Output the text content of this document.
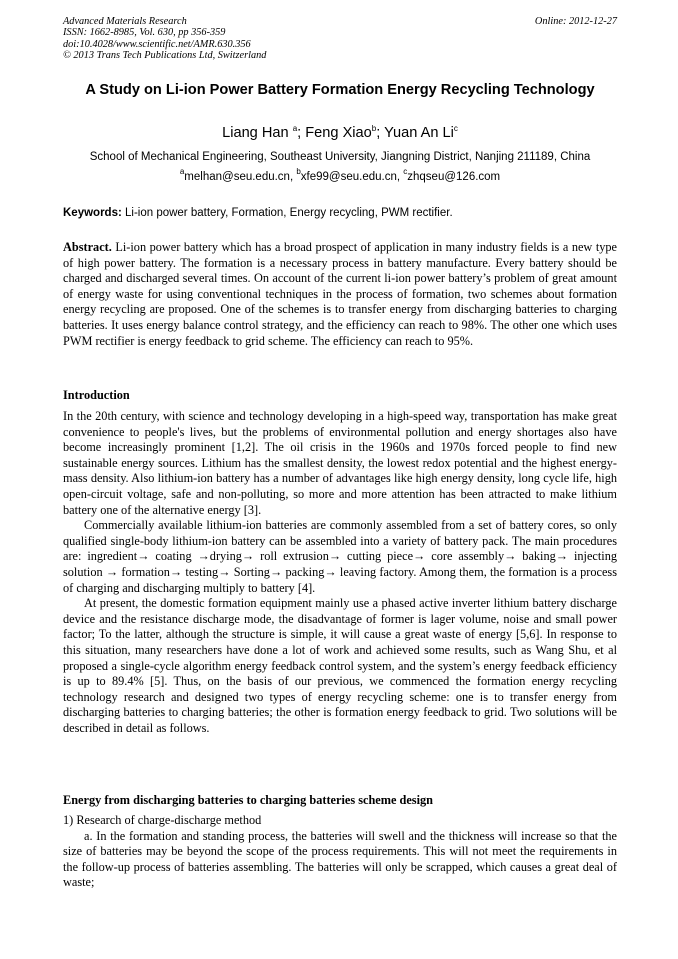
Advanced Materials Research
ISSN: 1662-8985, Vol. 630, pp 356-359
doi:10.4028/www.scientific.net/AMR.630.356
© 2013 Trans Tech Publications Ltd, Switzerland
Online: 2012-12-27
A Study on Li-ion Power Battery Formation Energy Recycling Technology
Liang Han $^a$; Feng Xiao$^b$; Yuan An Li$^c$
School of Mechanical Engineering, Southeast University, Jiangning District, Nanjing 211189, China
$^a$melhan@seu.edu.cn, $^b$xfe99@seu.edu.cn, $^c$zhqseu@126.com
Keywords: Li-ion power battery, Formation, Energy recycling, PWM rectifier.

Abstract. Li-ion power battery which has a broad prospect of application in many industry fields is a new type of high power battery. The formation is a necessary process in battery manufacture. Every battery should be charged and discharged several times. On account of the current li-ion power battery’s problem of great amount of energy waste for using conventional techniques in the process of formation, two schemes about formation energy recycling are proposed. One of the schemes is to transfer energy from discharging batteries to charging batteries. It uses energy balance control strategy, and the efficiency can reach to 98%. The other one which uses PWM rectifier is energy feedback to grid scheme. The efficiency can reach to 95%.

Introduction

In the 20th century, with science and technology developing in a high-speed way, transportation has make great convenience to people's lives, but the problems of environmental pollution and energy shortages also have become increasingly prominent [1,2]. The oil crisis in the 1960s and 1970s forced people to find new sustainable energy sources. Lithium has the smallest density, the lowest redox potential and the highest energy-mass density. Also lithium-ion battery has a number of advantages like high energy density, long cycle life, high open-circuit voltage, safe and non-polluting, so more and more attention has been attracted to make lithium battery one of the alternative energy [3].

Commercially available lithium-ion batteries are commonly assembled from a set of battery cores, so only qualified single-body lithium-ion battery can be assembled into a variety of battery pack. The main procedures are: ingredient→ coating →drying→ roll extrusion→ cutting piece→ core assembly→ baking→ injecting solution → formation→ testing→ Sorting→ packing→ leaving factory. Among them, the formation is a process of charging and discharging multiply to battery [4].

At present, the domestic formation equipment mainly use a phased active inverter lithium battery discharge device and the resistance discharge mode, the disadvantage of former is lager volume, noise and small power factor; To the latter, although the structure is simple, it will cause a great waste of energy [5,6]. In response to this situation, many researchers have done a lot of work and achieved some results, such as Wang Shu, et al proposed a single-cycle algorithm energy feedback control system, and the system’s energy feedback efficiency is up to 89.4% [5]. Thus, on the basis of our previous, we commenced the formation energy recycling technology research and designed two types of energy recycling scheme: one is to transfer energy from discharging batteries to charging batteries; the other is formation energy feedback to grid. Two solutions will be described in detail as follows.

Energy from discharging batteries to charging batteries scheme design

1) Research of charge-discharge method

a. In the formation and standing process, the batteries will swell and the thickness will increase so that the size of batteries may be beyond the scope of the process requirements. This will not meet the requirements in the follow-up process of batteries assembling. The batteries will only be scrapped, which causes a great deal of waste;
